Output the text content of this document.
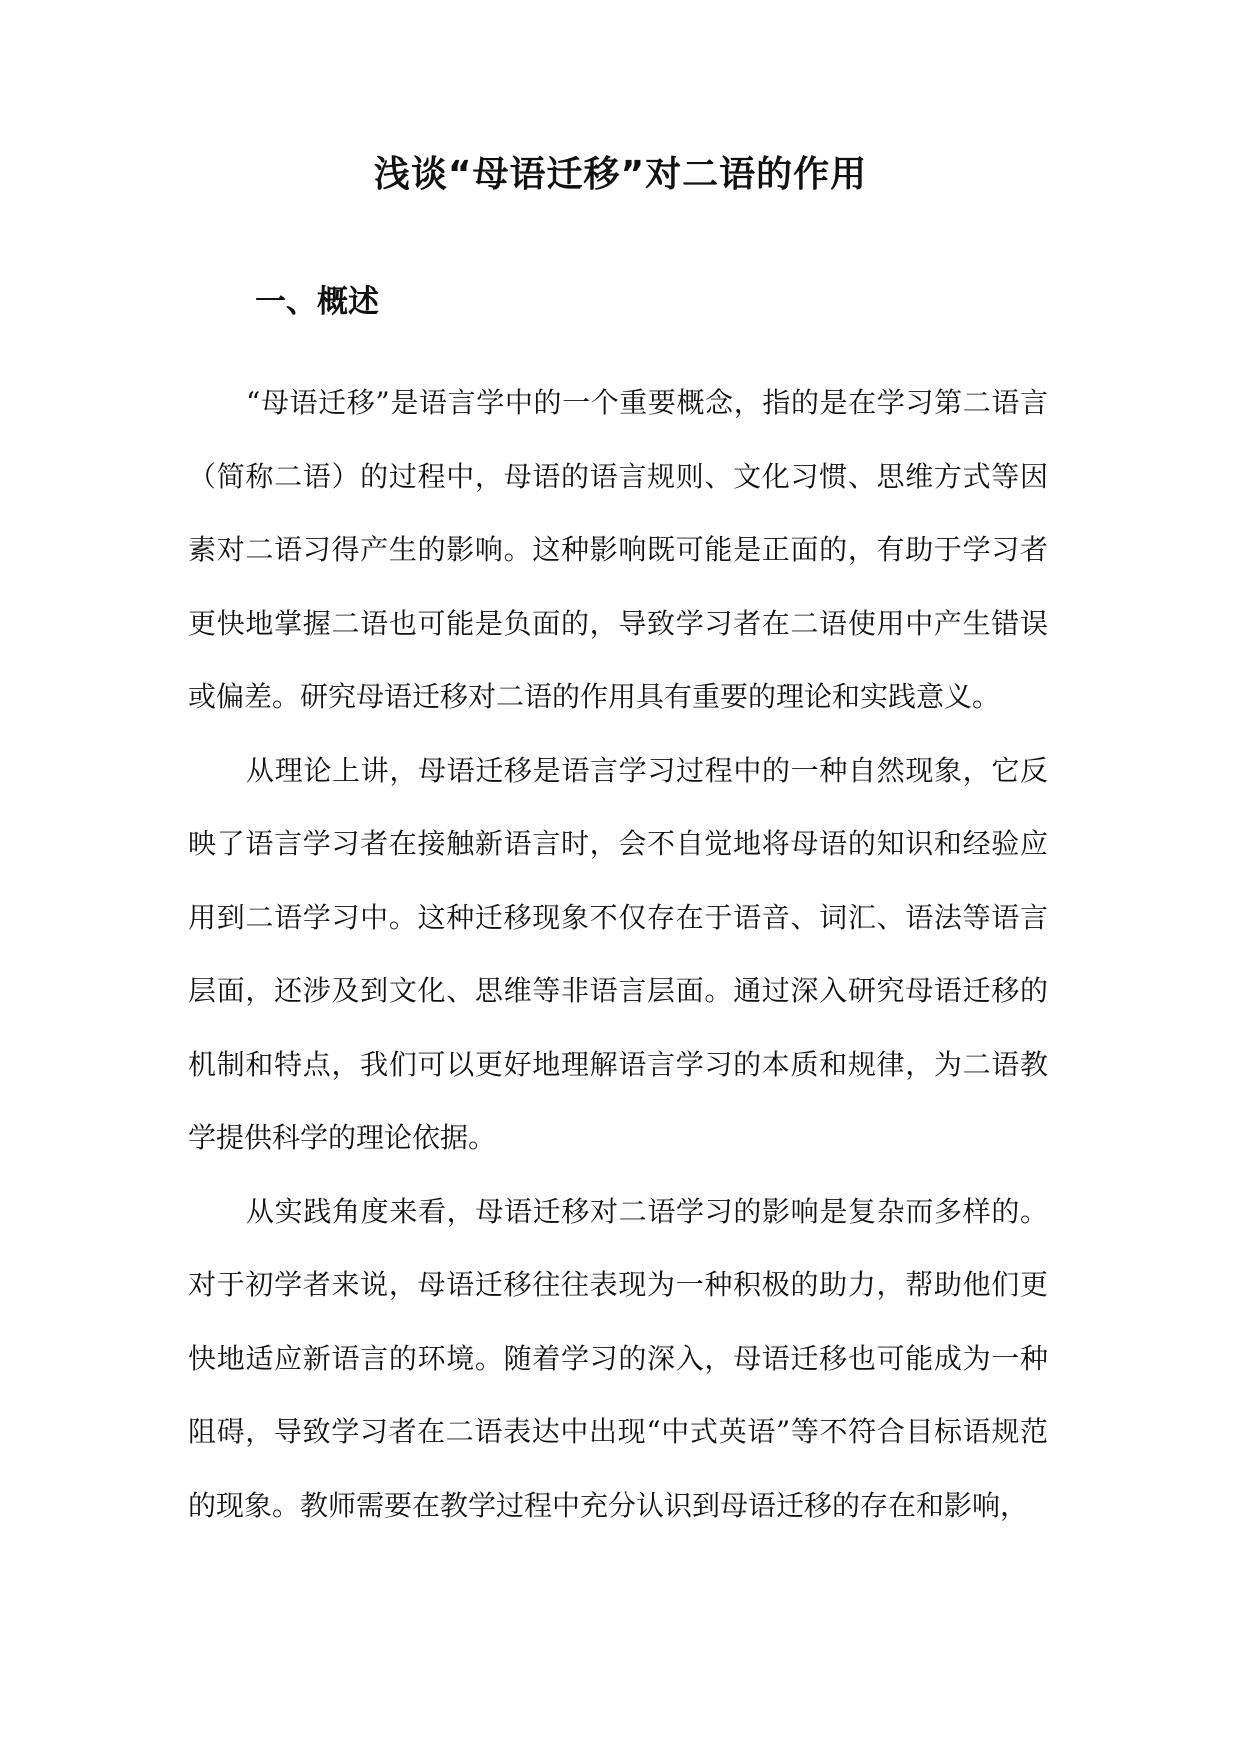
浅谈“母语迁移”对二语的作用
一、概述

“母语迁移”是语言学中的一个重要概念，指的是在学习第二语言（简称二语）的过程中，母语的语言规则、文化习惯、思维方式等因素对二语习得产生的影响。这种影响既可能是正面的，有助于学习者更快地掌握二语也可能是负面的，导致学习者在二语使用中产生错误或偏差。研究母语迁移对二语的作用具有重要的理论和实践意义。

从理论上讲，母语迁移是语言学习过程中的一种自然现象，它反映了语言学习者在接触新语言时，会不自觉地将母语的知识和经验应用到二语学习中。这种迁移现象不仅存在于语音、词汇、语法等语言层面，还涉及到文化、思维等非语言层面。通过深入研究母语迁移的机制和特点，我们可以更好地理解语言学习的本质和规律，为二语教学提供科学的理论依据。

从实践角度来看，母语迁移对二语学习的影响是复杂而多样的。对于初学者来说，母语迁移往往表现为一种积极的助力，帮助他们更快地适应新语言的环境。随着学习的深入，母语迁移也可能成为一种阻碍，导致学习者在二语表达中出现“中式英语”等不符合目标语规范的现象。教师需要在教学过程中充分认识到母语迁移的存在和影响，
